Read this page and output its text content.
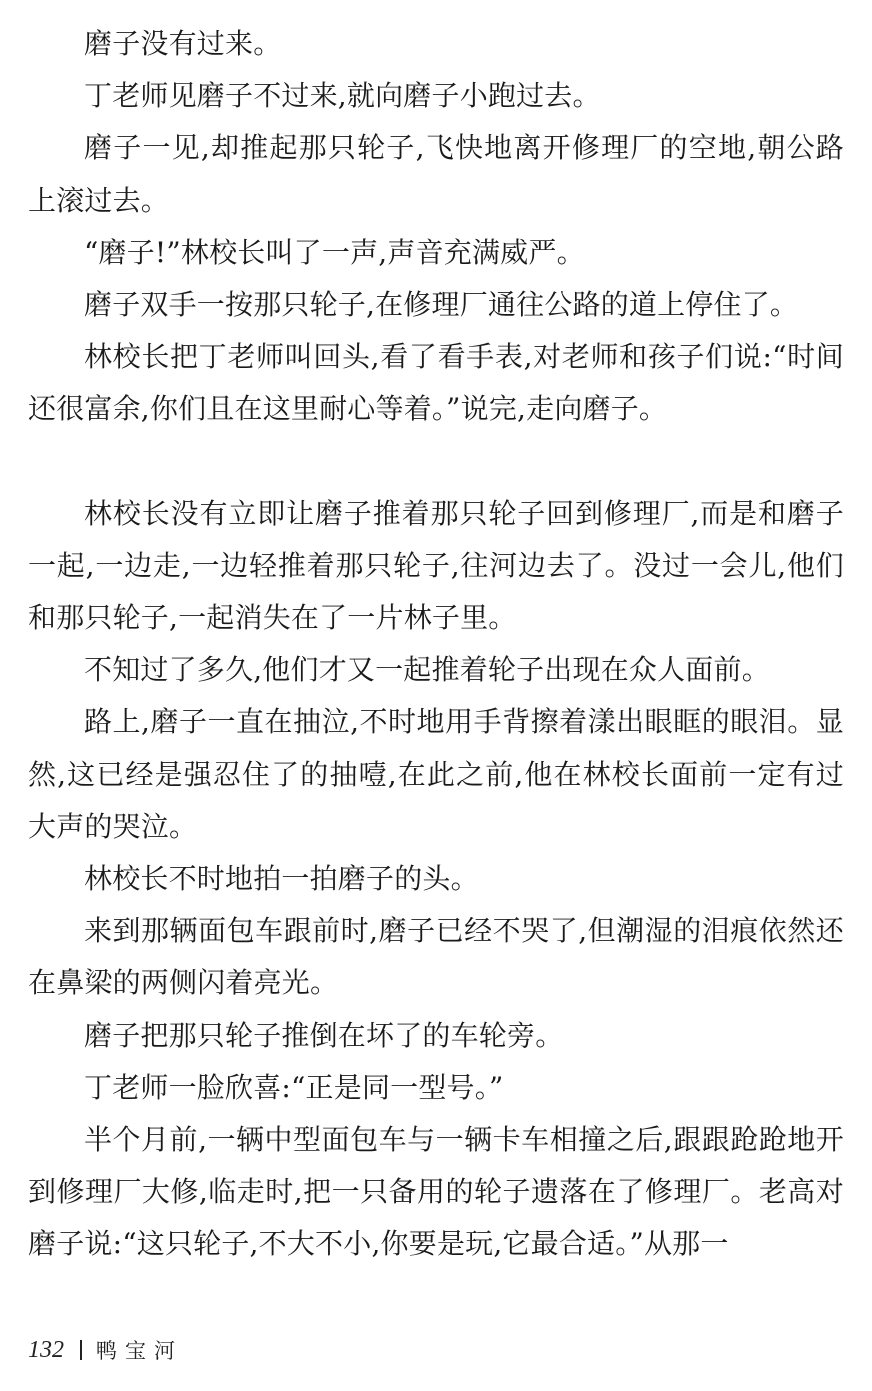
磨子没有过来。

丁老师见磨子不过来,就向磨子小跑过去。

磨子一见,却推起那只轮子,飞快地离开修理厂的空地,朝公路上滚过去。

“磨子!”林校长叫了一声,声音充满威严。

磨子双手一按那只轮子,在修理厂通往公路的道上停住了。

林校长把丁老师叫回头,看了看手表,对老师和孩子们说:“时间还很富余,你们且在这里耐心等着。”说完,走向磨子。

林校长没有立即让磨子推着那只轮子回到修理厂,而是和磨子一起,一边走,一边轻推着那只轮子,往河边去了。没过一会儿,他们和那只轮子,一起消失在了一片林子里。

不知过了多久,他们才又一起推着轮子出现在众人面前。

路上,磨子一直在抽泣,不时地用手背擦着漾出眼眶的眼泪。显然,这已经是强忍住了的抽噎,在此之前,他在林校长面前一定有过大声的哭泣。

林校长不时地拍一拍磨子的头。

来到那辆面包车跟前时,磨子已经不哭了,但潮湿的泪痕依然还在鼻梁的两侧闪着亮光。

磨子把那只轮子推倒在坏了的车轮旁。

丁老师一脸欣喜:“正是同一型号。”

半个月前,一辆中型面包车与一辆卡车相撞之后,跟跟跄跄地开到修理厂大修,临走时,把一只备用的轮子遗落在了修理厂。老高对磨子说:“这只轮子,不大不小,你要是玩,它最合适。”从那一

132 鸭宝河
